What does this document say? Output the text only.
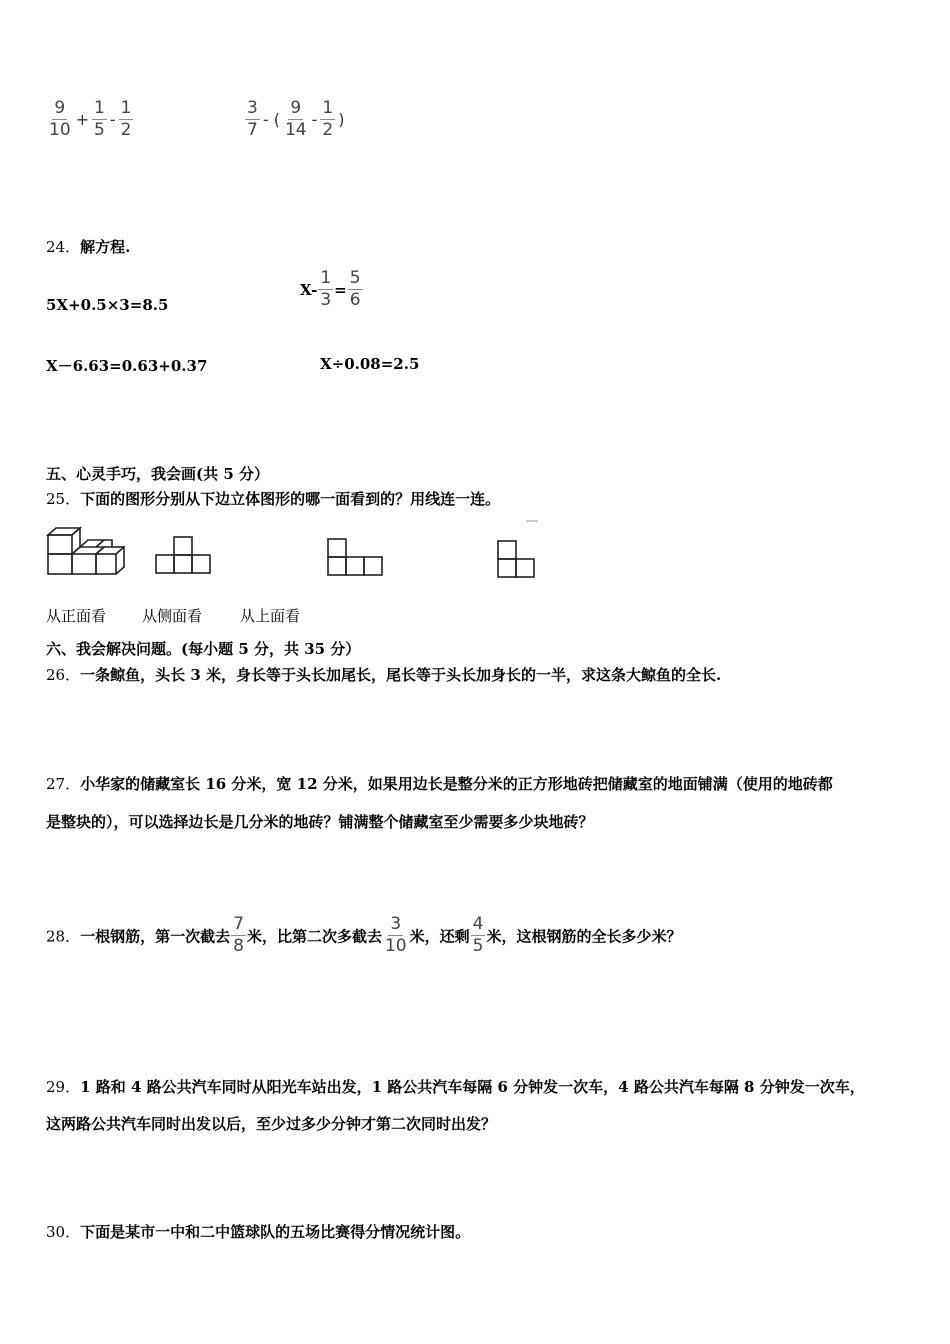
$\frac{9}{10} + \frac{1}{5} - \frac{1}{2}$	$\frac{3}{7}$ - ( $\frac{9}{14} - \frac{1}{2}$ )
24．解方程.
5X+0.5×3=8.5
$X- \frac{1}{3} = \frac{5}{6}$
X－6.63=0.63+0.37	X÷0.08=2.5
五、心灵手巧，我会画(共 5 分）
25．下面的图形分别从下边立体图形的哪一面看到的？用线连一连。
从正面看 从侧面看	从上面看
六、我会解决问题。(每小题 5 分，共 35 分）
26．一条鲸鱼，头长 3 米，身长等于头长加尾长，尾长等于头长加身长的一半，求这条大鲸鱼的全长.
27．小华家的储藏室长 16 分米，宽 12 分米，如果用边长是整分米的正方形地砖把储藏室的地面铺满（使用的地砖都
是整块的），可以选择边长是几分米的地砖？铺满整个储藏室至少需要多少块地砖？
28．一根钢筋，第一次截去 $\frac{7}{8}$ 米，比第二次多截去 $\frac{3}{10}$ 米，还剩 $\frac{4}{5}$ 米，这根钢筋的全长多少米？
29．1 路和 4 路公共汽车同时从阳光车站出发，1 路公共汽车每隔 6 分钟发一次车，4 路公共汽车每隔 8 分钟发一次车，
这两路公共汽车同时出发以后，至少过多少分钟才第二次同时出发？
30．下面是某市一中和二中篮球队的五场比赛得分情况统计图。
